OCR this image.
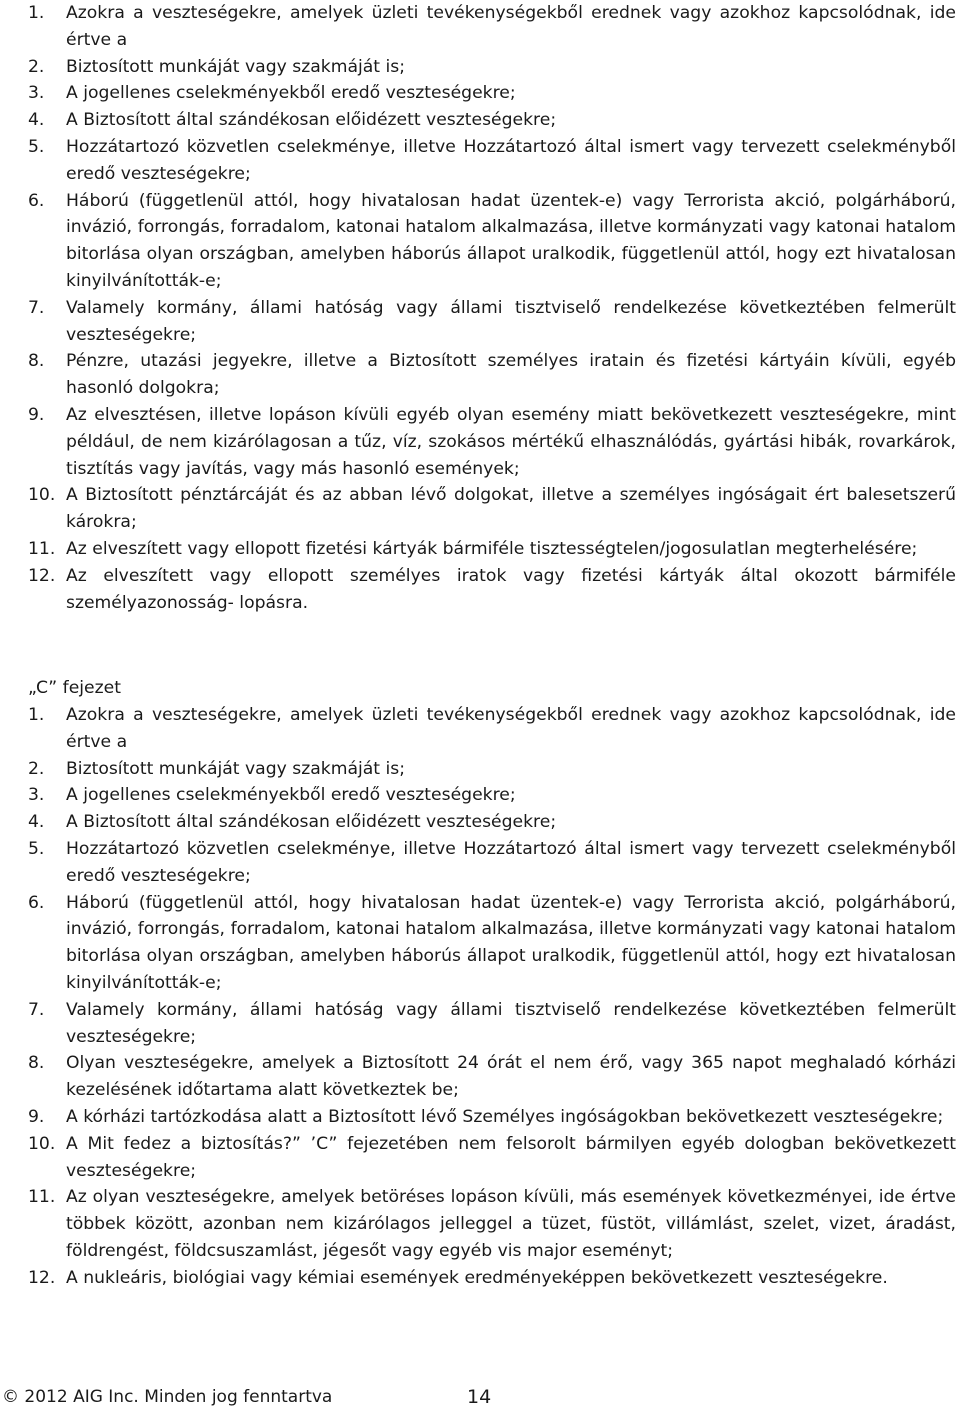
1.	Azokra a veszteségekre, amelyek üzleti tevékenységekből erednek vagy azokhoz kapcsolódnak, ide értve a
2.	Biztosított munkáját vagy szakmáját is;
3.	A jogellenes cselekményekből eredő veszteségekre;
4.	A Biztosított által szándékosan előidézett veszteségekre;
5.	Hozzátartozó közvetlen cselekménye, illetve Hozzátartozó által ismert vagy tervezett cselekményből eredő veszteségekre;
6.	Háború (függetlenül attól, hogy hivatalosan hadat üzentek-e) vagy Terrorista akció, polgárháború, invázió, forrongás, forradalom, katonai hatalom alkalmazása, illetve kormányzati vagy katonai hatalom bitorlása olyan országban, amelyben háborús állapot uralkodik, függetlenül attól, hogy ezt hivatalosan kinyilvánították-e;
7.	Valamely kormány, állami hatóság vagy állami tisztviselő rendelkezése következtében felmerült veszteségekre;
8.	Pénzre, utazási jegyekre, illetve a Biztosított személyes iratain és fizetési kártyáin kívüli, egyéb hasonló dolgokra;
9.	Az elvesztésen, illetve lopáson kívüli egyéb olyan esemény miatt bekövetkezett veszteségekre, mint például, de nem kizárólagosan a tűz, víz, szokásos mértékű elhasználódás, gyártási hibák, rovarkárok, tisztítás vagy javítás, vagy más hasonló események;
10. A Biztosított pénztárcáját és az abban lévő dolgokat, illetve a személyes ingóságait ért balesetszerű károkra;
11. Az elveszített vagy ellopott fizetési kártyák bármiféle tisztességtelen/jogosulatlan megterhelésére;
12. Az elveszített vagy ellopott személyes iratok vagy fizetési kártyák által okozott bármiféle személyazonosság- lopásra.
„C” fejezet
1.	Azokra a veszteségekre, amelyek üzleti tevékenységekből erednek vagy azokhoz kapcsolódnak, ide értve a
2.	Biztosított munkáját vagy szakmáját is;
3.	A jogellenes cselekményekből eredő veszteségekre;
4.	A Biztosított által szándékosan előidézett veszteségekre;
5.	Hozzátartozó közvetlen cselekménye, illetve Hozzátartozó által ismert vagy tervezett cselekményből eredő veszteségekre;
6.	Háború (függetlenül attól, hogy hivatalosan hadat üzentek-e) vagy Terrorista akció, polgárháború, invázió, forrongás, forradalom, katonai hatalom alkalmazása, illetve kormányzati vagy katonai hatalom bitorlása olyan országban, amelyben háborús állapot uralkodik, függetlenül attól, hogy ezt hivatalosan kinyilvánították-e;
7.	Valamely kormány, állami hatóság vagy állami tisztviselő rendelkezése következtében felmerült veszteségekre;
8.	Olyan veszteségekre, amelyek a Biztosított 24 órát el nem érő, vagy 365 napot meghaladó kórházi kezelésének időtartama alatt következtek be;
9.	A kórházi tartózkodása alatt a Biztosított lévő Személyes ingóságokban bekövetkezett veszteségekre;
10. A Mit fedez a biztosítás?” ’C” fejezetében nem felsorolt bármilyen egyéb dologban bekövetkezett veszteségekre;
11. Az olyan veszteségekre, amelyek betöréses lopáson kívüli, más események következményei, ide értve többek között, azonban nem kizárólagos jelleggel a tüzet, füstöt, villámlást, szelet, vizet, áradást, földrengést, földcsuszamlást, jégesőt vagy egyéb vis major eseményt;
12. A nukleáris, biológiai vagy kémiai események eredményeképpen bekövetkezett veszteségekre.
© 2012 AIG Inc. Minden jog fenntartva	14
